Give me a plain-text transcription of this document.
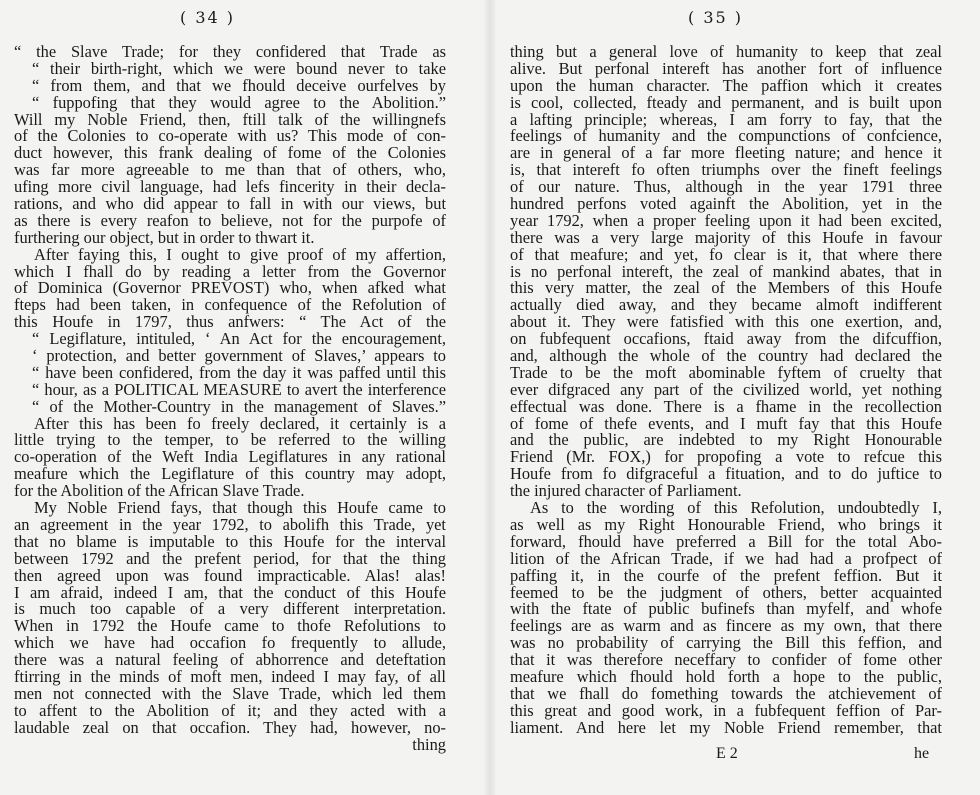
( 34 )
“ the Slave Trade; for they confidered that Trade as
“ their birth-right, which we were bound never to take
“ from them, and that we fhould deceive ourfelves by
“ fuppofing that they would agree to the Abolition.”
Will my Noble Friend, then, ftill talk of the willingnefs
of the Colonies to co-operate with us? This mode of con-
duct however, this frank dealing of fome of the Colonies
was far more agreeable to me than that of others, who,
ufing more civil language, had lefs fincerity in their decla-
rations, and who did appear to fall in with our views, but
as there is every reafon to believe, not for the purpofe of
furthering our object, but in order to thwart it.
After faying this, I ought to give proof of my affertion,
which I fhall do by reading a letter from the Governor
of Dominica (Governor PREVOST) who, when afked what
fteps had been taken, in confequence of the Refolution of
this Houfe in 1797, thus anfwers: “ The Act of the
“ Legiflature, intituled, ‘ An Act for the encouragement,
‘ protection, and better government of Slaves,’ appears to
“ have been confidered, from the day it was paffed until this
“ hour, as a POLITICAL MEASURE to avert the interference
“ of the Mother-Country in the management of Slaves.”
After this has been fo freely declared, it certainly is a
little trying to the temper, to be referred to the willing
co-operation of the Weft India Legiflatures in any rational
meafure which the Legiflature of this country may adopt,
for the Abolition of the African Slave Trade.
My Noble Friend fays, that though this Houfe came to
an agreement in the year 1792, to abolifh this Trade, yet
that no blame is imputable to this Houfe for the interval
between 1792 and the prefent period, for that the thing
then agreed upon was found impracticable. Alas! alas!
I am afraid, indeed I am, that the conduct of this Houfe
is much too capable of a very different interpretation.
When in 1792 the Houfe came to thofe Refolutions to
which we have had occafion fo frequently to allude,
there was a natural feeling of abhorrence and deteftation
ftirring in the minds of moft men, indeed I may fay, of all
men not connected with the Slave Trade, which led them
to affent to the Abolition of it; and they acted with a
laudable zeal on that occafion. They had, however, no-
thing
( 35 )
thing but a general love of humanity to keep that zeal
alive. But perfonal intereft has another fort of influence
upon the human character. The paffion which it creates
is cool, collected, fteady and permanent, and is built upon
a lafting principle; whereas, I am forry to fay, that the
feelings of humanity and the compunctions of confcience,
are in general of a far more fleeting nature; and hence it
is, that intereft fo often triumphs over the fineft feelings
of our nature. Thus, although in the year 1791 three
hundred perfons voted againft the Abolition, yet in the
year 1792, when a proper feeling upon it had been excited,
there was a very large majority of this Houfe in favour
of that meafure; and yet, fo clear is it, that where there
is no perfonal intereft, the zeal of mankind abates, that in
this very matter, the zeal of the Members of this Houfe
actually died away, and they became almoft indifferent
about it. They were fatisfied with this one exertion, and,
on fubfequent occafions, ftaid away from the difcuffion,
and, although the whole of the country had declared the
Trade to be the moft abominable fyftem of cruelty that
ever difgraced any part of the civilized world, yet nothing
effectual was done. There is a fhame in the recollection
of fome of thefe events, and I muft fay that this Houfe
and the public, are indebted to my Right Honourable
Friend (Mr. FOX,) for propofing a vote to refcue this
Houfe from fo difgraceful a fituation, and to do juftice to
the injured character of Parliament.
As to the wording of this Refolution, undoubtedly I,
as well as my Right Honourable Friend, who brings it
forward, fhould have preferred a Bill for the total Abo-
lition of the African Trade, if we had had a profpect of
paffing it, in the courfe of the prefent feffion. But it
feemed to be the judgment of others, better acquainted
with the ftate of public bufinefs than myfelf, and whofe
feelings are as warm and as fincere as my own, that there
was no probability of carrying the Bill this feffion, and
that it was therefore neceffary to confider of fome other
meafure which fhould hold forth a hope to the public,
that we fhall do fomething towards the atchievement of
this great and good work, in a fubfequent feffion of Par-
liament. And here let my Noble Friend remember, that
E 2	he
